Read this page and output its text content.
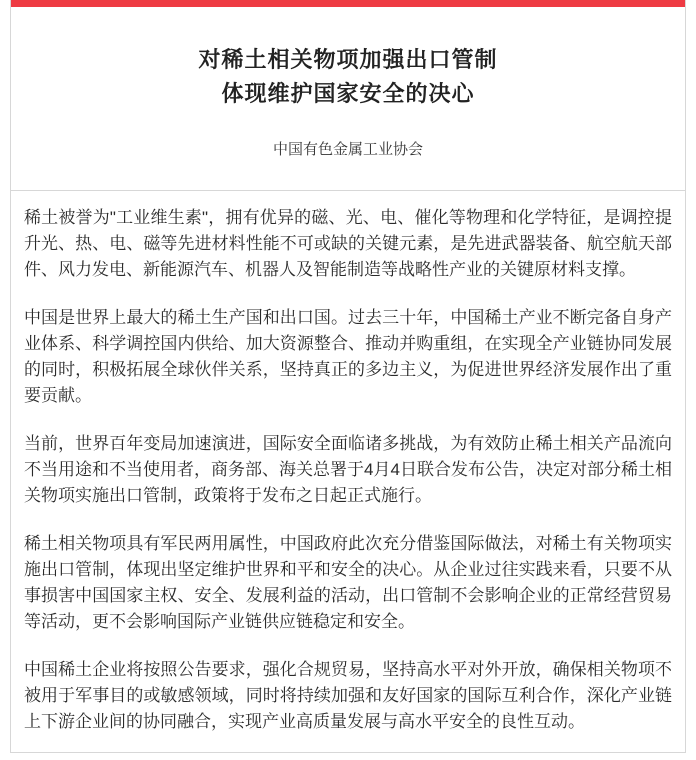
对稀土相关物项加强出口管制
体现维护国家安全的决心
中国有色金属工业协会

稀土被誉为"工业维生素"，拥有优异的磁、光、电、催化等物理和化学特征，是调控提升光、热、电、磁等先进材料性能不可或缺的关键元素，是先进武器装备、航空航天部件、风力发电、新能源汽车、机器人及智能制造等战略性产业的关键原材料支撑。

中国是世界上最大的稀土生产国和出口国。过去三十年，中国稀土产业不断完备自身产业体系、科学调控国内供给、加大资源整合、推动并购重组，在实现全产业链协同发展的同时，积极拓展全球伙伴关系，坚持真正的多边主义，为促进世界经济发展作出了重要贡献。

当前，世界百年变局加速演进，国际安全面临诸多挑战，为有效防止稀土相关产品流向不当用途和不当使用者，商务部、海关总署于4月4日联合发布公告，决定对部分稀土相关物项实施出口管制，政策将于发布之日起正式施行。

稀土相关物项具有军民两用属性，中国政府此次充分借鉴国际做法，对稀土有关物项实施出口管制，体现出坚定维护世界和平和安全的决心。从企业过往实践来看，只要不从事损害中国国家主权、安全、发展利益的活动，出口管制不会影响企业的正常经营贸易等活动，更不会影响国际产业链供应链稳定和安全。

中国稀土企业将按照公告要求，强化合规贸易，坚持高水平对外开放，确保相关物项不被用于军事目的或敏感领域，同时将持续加强和友好国家的国际互利合作，深化产业链上下游企业间的协同融合，实现产业高质量发展与高水平安全的良性互动。
